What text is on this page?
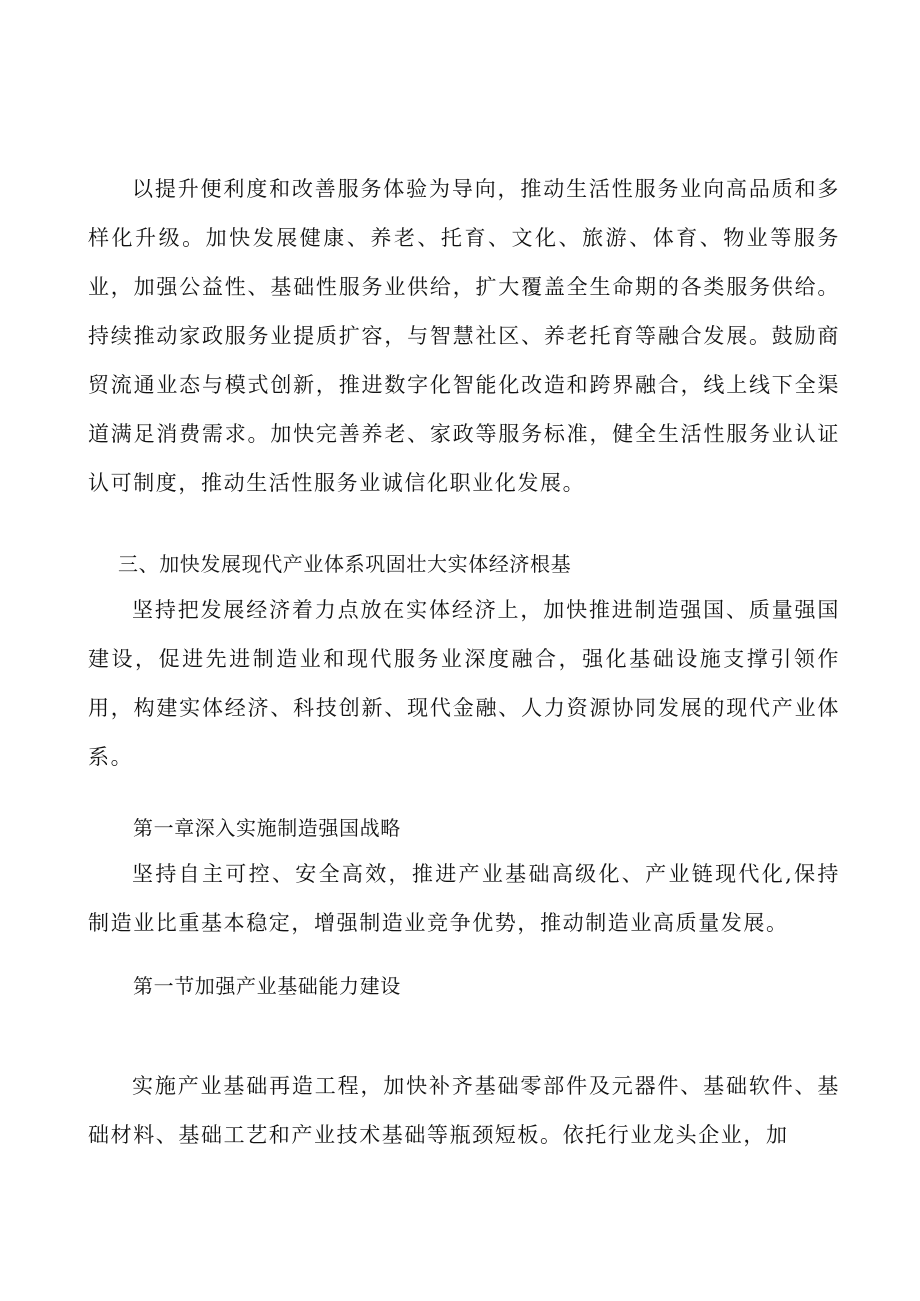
以提升便利度和改善服务体验为导向，推动生活性服务业向高品质和多样化升级。加快发展健康、养老、托育、文化、旅游、体育、物业等服务业，加强公益性、基础性服务业供给，扩大覆盖全生命期的各类服务供给。持续推动家政服务业提质扩容，与智慧社区、养老托育等融合发展。鼓励商贸流通业态与模式创新，推进数字化智能化改造和跨界融合，线上线下全渠道满足消费需求。加快完善养老、家政等服务标准，健全生活性服务业认证认可制度，推动生活性服务业诚信化职业化发展。

三、加快发展现代产业体系巩固壮大实体经济根基

坚持把发展经济着力点放在实体经济上，加快推进制造强国、质量强国建设，促进先进制造业和现代服务业深度融合，强化基础设施支撑引领作用，构建实体经济、科技创新、现代金融、人力资源协同发展的现代产业体系。

第一章深入实施制造强国战略

坚持自主可控、安全高效，推进产业基础高级化、产业链现代化,保持制造业比重基本稳定，增强制造业竞争优势，推动制造业高质量发展。

第一节加强产业基础能力建设

实施产业基础再造工程，加快补齐基础零部件及元器件、基础软件、基础材料、基础工艺和产业技术基础等瓶颈短板。依托行业龙头企业，加
